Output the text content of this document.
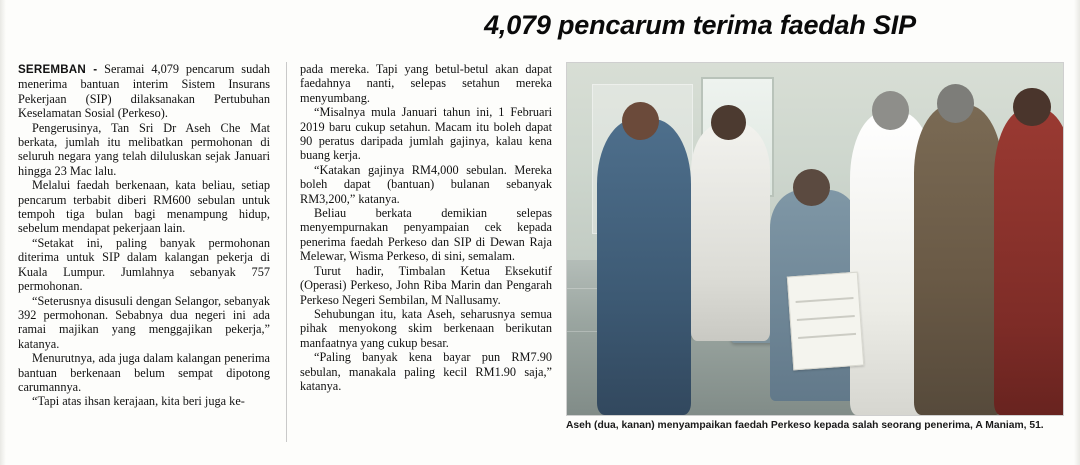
4,079 pencarum terima faedah SIP

SEREMBAN - Seramai 4,079 pencarum sudah menerima bantuan interim Sistem Insurans Pekerjaan (SIP) dilaksanakan Pertubuhan Keselamatan Sosial (Perkeso).

Pengerusinya, Tan Sri Dr Aseh Che Mat berkata, jumlah itu melibatkan permohonan di seluruh negara yang telah diluluskan sejak Januari hingga 23 Mac lalu.

Melalui faedah berkenaan, kata beliau, setiap pencarum terbabit diberi RM600 sebulan untuk tempoh tiga bulan bagi menampung hidup, sebelum mendapat pekerjaan lain.

“Setakat ini, paling banyak permohonan diterima untuk SIP dalam kalangan pekerja di Kuala Lumpur. Jumlahnya sebanyak 757 permohonan.

“Seterusnya disusuli dengan Selangor, sebanyak 392 permohonan. Sebabnya dua negeri ini ada ramai majikan yang menggajikan pekerja,” katanya.

Menurutnya, ada juga dalam kalangan penerima bantuan berkenaan belum sempat dipotong carumannya.

“Tapi atas ihsan kerajaan, kita beri juga ke-

pada mereka. Tapi yang betul-betul akan dapat faedahnya nanti, selepas setahun mereka menyumbang.

“Misalnya mula Januari tahun ini, 1 Februari 2019 baru cukup setahun. Macam itu boleh dapat 90 peratus daripada jumlah gajinya, kalau kena buang kerja.

“Katakan gajinya RM4,000 sebulan. Mereka boleh dapat (bantuan) bulanan sebanyak RM3,200,” katanya.

Beliau berkata demikian selepas menyempurnakan penyampaian cek kepada penerima faedah Perkeso dan SIP di Dewan Raja Melewar, Wisma Perkeso, di sini, semalam.

Turut hadir, Timbalan Ketua Eksekutif (Operasi) Perkeso, John Riba Marin dan Pengarah Perkeso Negeri Sembilan, M Nallusamy.

Sehubungan itu, kata Aseh, seharusnya semua pihak menyokong skim berkenaan berikutan manfaatnya yang cukup besar.

“Paling banyak kena bayar pun RM7.90 sebulan, manakala paling kecil RM1.90 saja,” katanya.

Aseh (dua, kanan) menyampaikan faedah Perkeso kepada salah seorang penerima, A Maniam, 51.
